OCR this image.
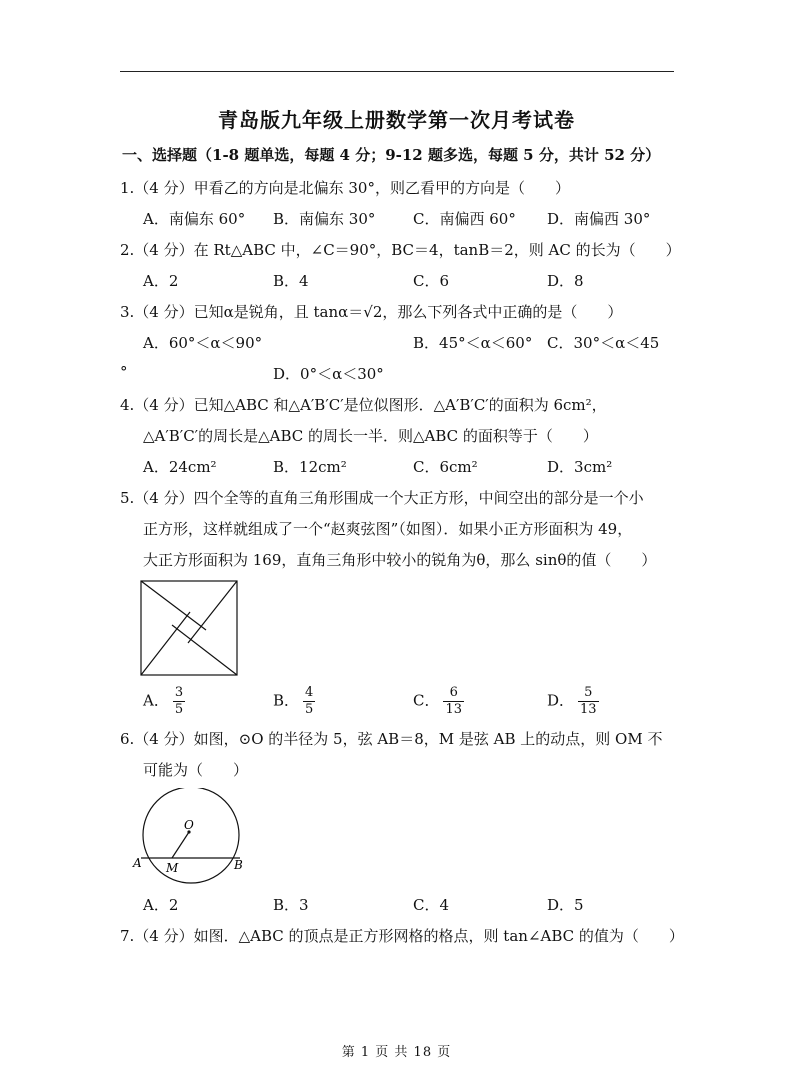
青岛版九年级上册数学第一次月考试卷
一、选择题（1-8 题单选，每题 4 分；9-12 题多选，每题 5 分，共计 52 分）
1.（4 分）甲看乙的方向是北偏东 30°，则乙看甲的方向是（　　）
A．南偏东 60° B．南偏东 30°	C．南偏西 60° D．南偏西 30°
2.（4 分）在 Rt△ABC 中，∠C＝90°，BC＝4，tanB＝2，则 AC 的长为（　　）
A．2	B．4	C．6	D．8
3.（4 分）已知α是锐角，且 tanα＝√2，那么下列各式中正确的是（　　）
A．60°＜α＜90°	B．45°＜α＜60° C．30°＜α＜45
°	D．0°＜α＜30°
4.（4 分）已知△ABC 和△A′B′C′是位似图形．△A′B′C′的面积为 6cm²，
△A′B′C′的周长是△ABC 的周长一半．则△ABC 的面积等于（　　）
A．24cm²	B．12cm²	C．6cm²	D．3cm²
5.（4 分）四个全等的直角三角形围成一个大正方形，中间空出的部分是一个小
正方形，这样就组成了一个“赵爽弦图”（如图）．如果小正方形面积为 49，
大正方形面积为 169，直角三角形中较小的锐角为θ，那么 sinθ的值（　　）
A． $\frac{3}{5}$	B． $\frac{4}{5}$	C． $\frac{6}{13}$	D． $\frac{5}{13}$
6.（4 分）如图，⊙O 的半径为 5，弦 AB＝8，M 是弦 AB 上的动点，则 OM 不
可能为（　　）
O
A M	B
A．2	B．3	C．4	D．5
7.（4 分）如图．△ABC 的顶点是正方形网格的格点，则 tan∠ABC 的值为（　　）
第 1 页 共 18 页
